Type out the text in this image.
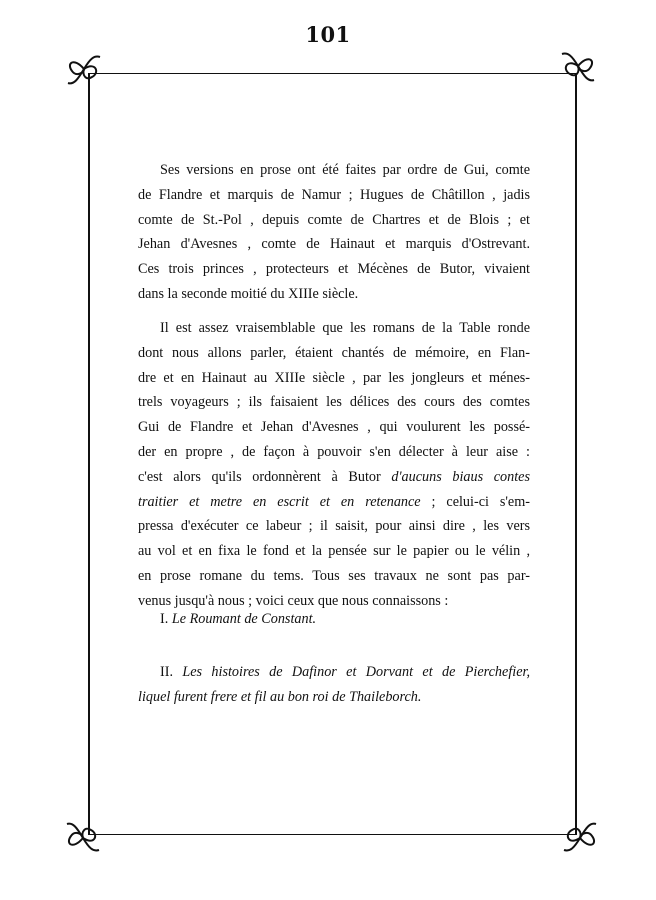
101
Ses versions en prose ont été faites par ordre de Gui, comte
de Flandre et marquis de Namur ; Hugues de Châtillon , jadis
comte de St.-Pol , depuis comte de Chartres et de Blois ; et
Jehan d'Avesnes , comte de Hainaut et marquis d'Ostrevant.
Ces trois princes , protecteurs et Mécènes de Butor, vivaient
dans la seconde moitié du XIIIe siècle.
Il est assez vraisemblable que les romans de la Table ronde
dont nous allons parler, étaient chantés de mémoire, en Flan-
dre et en Hainaut au XIIIe siècle , par les jongleurs et ménes-
trels voyageurs ; ils faisaient les délices des cours des comtes
Gui de Flandre et Jehan d'Avesnes , qui voulurent les possé-
der en propre , de façon à pouvoir s'en délecter à leur aise :
c'est alors qu'ils ordonnèrent à Butor d'aucuns biaus contes
traitier et metre en escrit et en retenance ; celui-ci s'em-
pressa d'exécuter ce labeur ; il saisit, pour ainsi dire , les vers
au vol et en fixa le fond et la pensée sur le papier ou le vélin ,
en prose romane du tems. Tous ses travaux ne sont pas par-
venus jusqu'à nous ; voici ceux que nous connaissons :
I. Le Roumant de Constant.
II. Les histoires de Dafinor et Dorvant et de Pierchefier,
liquel furent frere et fil au bon roi de Thaileborch.
